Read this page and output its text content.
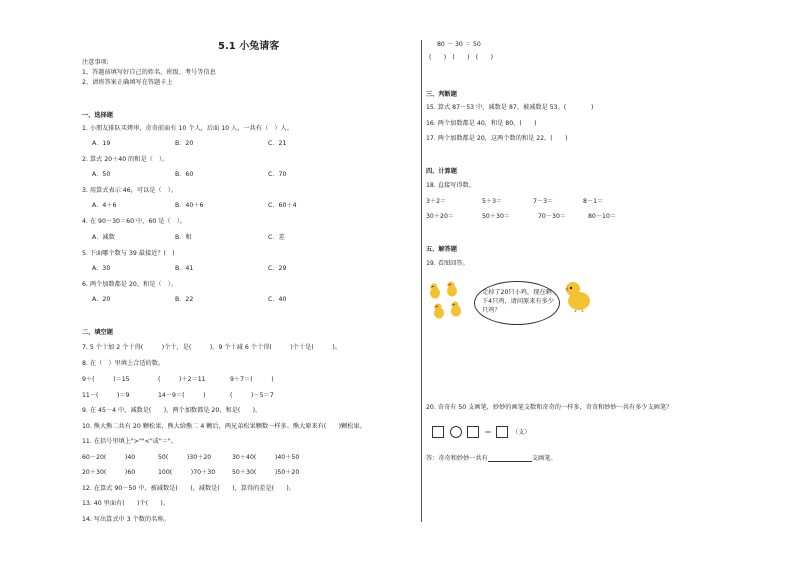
5.1 小兔请客
注意事项:
1、答题前填写好自己的姓名、班级、考号等信息
2、请将答案正确填写在答题卡上
一、选择题
1. 小朋友排队买烤串，奇奇前面有 10 个人，后面 10 人，一共有（　）人。
A．19	B．20	C．21
2. 算式 20＋40 的和是（　）。
A．50	B．60	C．70
3. 用算式表示 46，可以是（　）。
A．4＋6	B．40＋6	C．60＋4
4. 在 90－30＝60 中，60 是（　）。
A．减数	B．和	C．差
5. 下面哪个数与 39 最接近？(　)
A．30	B．41	C．29
6. 两个加数都是 20，和是（　）。
A．20	B．22	C．40
二、填空题
7. 5 个十加 2 个十得(　　　)个十，是(　　　)。9 个十减 6 个十得(　　　)个十是(　　　)。
8. 在（　）里填上合适的数。
9＋(　　　)＝15	(　　　)＋2＝11	9＋7＝(　　　)
11－(　　　)＝9	14－9＝(　　　)	(　　　)－5＝7
9. 在 45－4 中，减数是(　　)，两个加数都是 20，和是(　　)。
10. 熊大熊二共有 20 颗松果，熊大给熊二 4 颗后，两兄弟松果颗数一样多。熊大原来有(　　)颗松果。
11. 在括号里填上">""<"或"＝"。
60－20(　　　)40	50(　　　)30＋20	30＋40(　　　)40＋50
20＋30(　　　)60	100(　　　)70＋30	50＋30(　　　)50＋20
12. 在算式 90－50 中，被减数是(　　)，减数是(　　)，算得的差是(　　)。
13. 40 里面有(　　)个(　　)。
14. 写出算式中 3 个数的名称。
80 － 30 ＝ 50
(　　)　(　　)　(　　)
三、判断题
15. 算式 87－53 中，减数是 87，被减数是 53。(　　　　)
16. 两个加数都是 40，和是 80。(　　)
17. 两个加数都是 20，这两个数的和是 22。(　　)
四、计算题
18. 直接写得数。
3＋2＝	5＋3＝	7－3＝	8－1＝
30＋20＝	50＋30＝	70－30＝	80－10＝
五、解答题
19. 看图回答。
走掉了20只小鸡，现在剩
下4只鸡，请问原来有多少
只鸡？
20. 奇奇有 50 支画笔，妙妙的画笔支数和奇奇的一样多，奇奇和妙妙一共有多少支画笔？
＝	（支）
答：奇奇和妙妙一共有	支画笔。
